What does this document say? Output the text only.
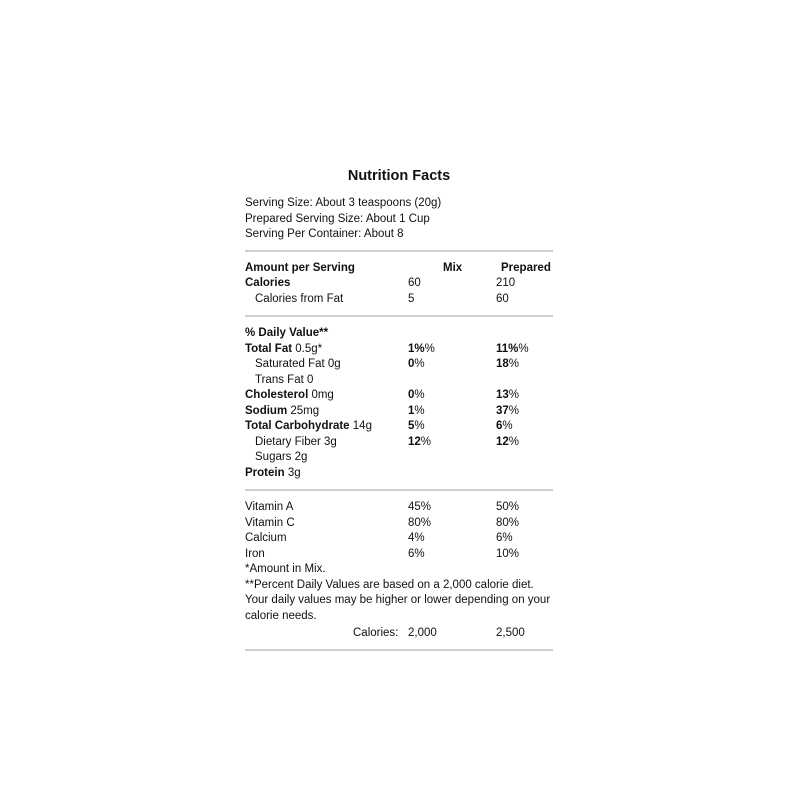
Nutrition Facts
Serving Size: About 3 teaspoons (20g)
Prepared Serving Size: About 1 Cup
Serving Per Container: About 8
Amount per Serving	Mix	Prepared
Calories	60	210
Calories from Fat	5	60
% Daily Value**
Total Fat 0.5g*	1%%	11%%
Saturated Fat 0g	0%	18%
Trans Fat 0
Cholesterol 0mg	0%	13%
Sodium 25mg	1%	37%
Total Carbohydrate 14g	5%	6%
Dietary Fiber 3g	12%	12%
Sugars 2g
Protein 3g
Vitamin A	45%	50%
Vitamin C	80%	80%
Calcium	4%	6%
Iron	6%	10%
*Amount in Mix.
**Percent Daily Values are based on a 2,000 calorie diet. Your daily values may be higher or lower depending on your calorie needs.
Calories: 2,000	2,500
